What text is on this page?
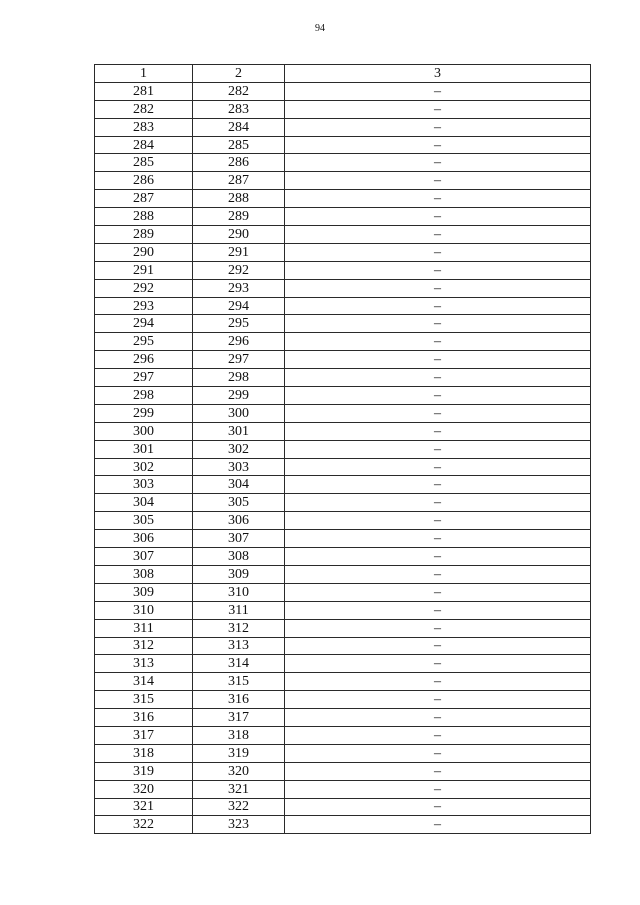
94
1	2	3
281	282	–
282	283	–
283	284	–
284	285	–
285	286	–
286	287	–
287	288	–
288	289	–
289	290	–
290	291	–
291	292	–
292	293	–
293	294	–
294	295	–
295	296	–
296	297	–
297	298	–
298	299	–
299	300	–
300	301	–
301	302	–
302	303	–
303	304	–
304	305	–
305	306	–
306	307	–
307	308	–
308	309	–
309	310	–
310	311	–
311	312	–
312	313	–
313	314	–
314	315	–
315	316	–
316	317	–
317	318	–
318	319	–
319	320	–
320	321	–
321	322	–
322	323	–
